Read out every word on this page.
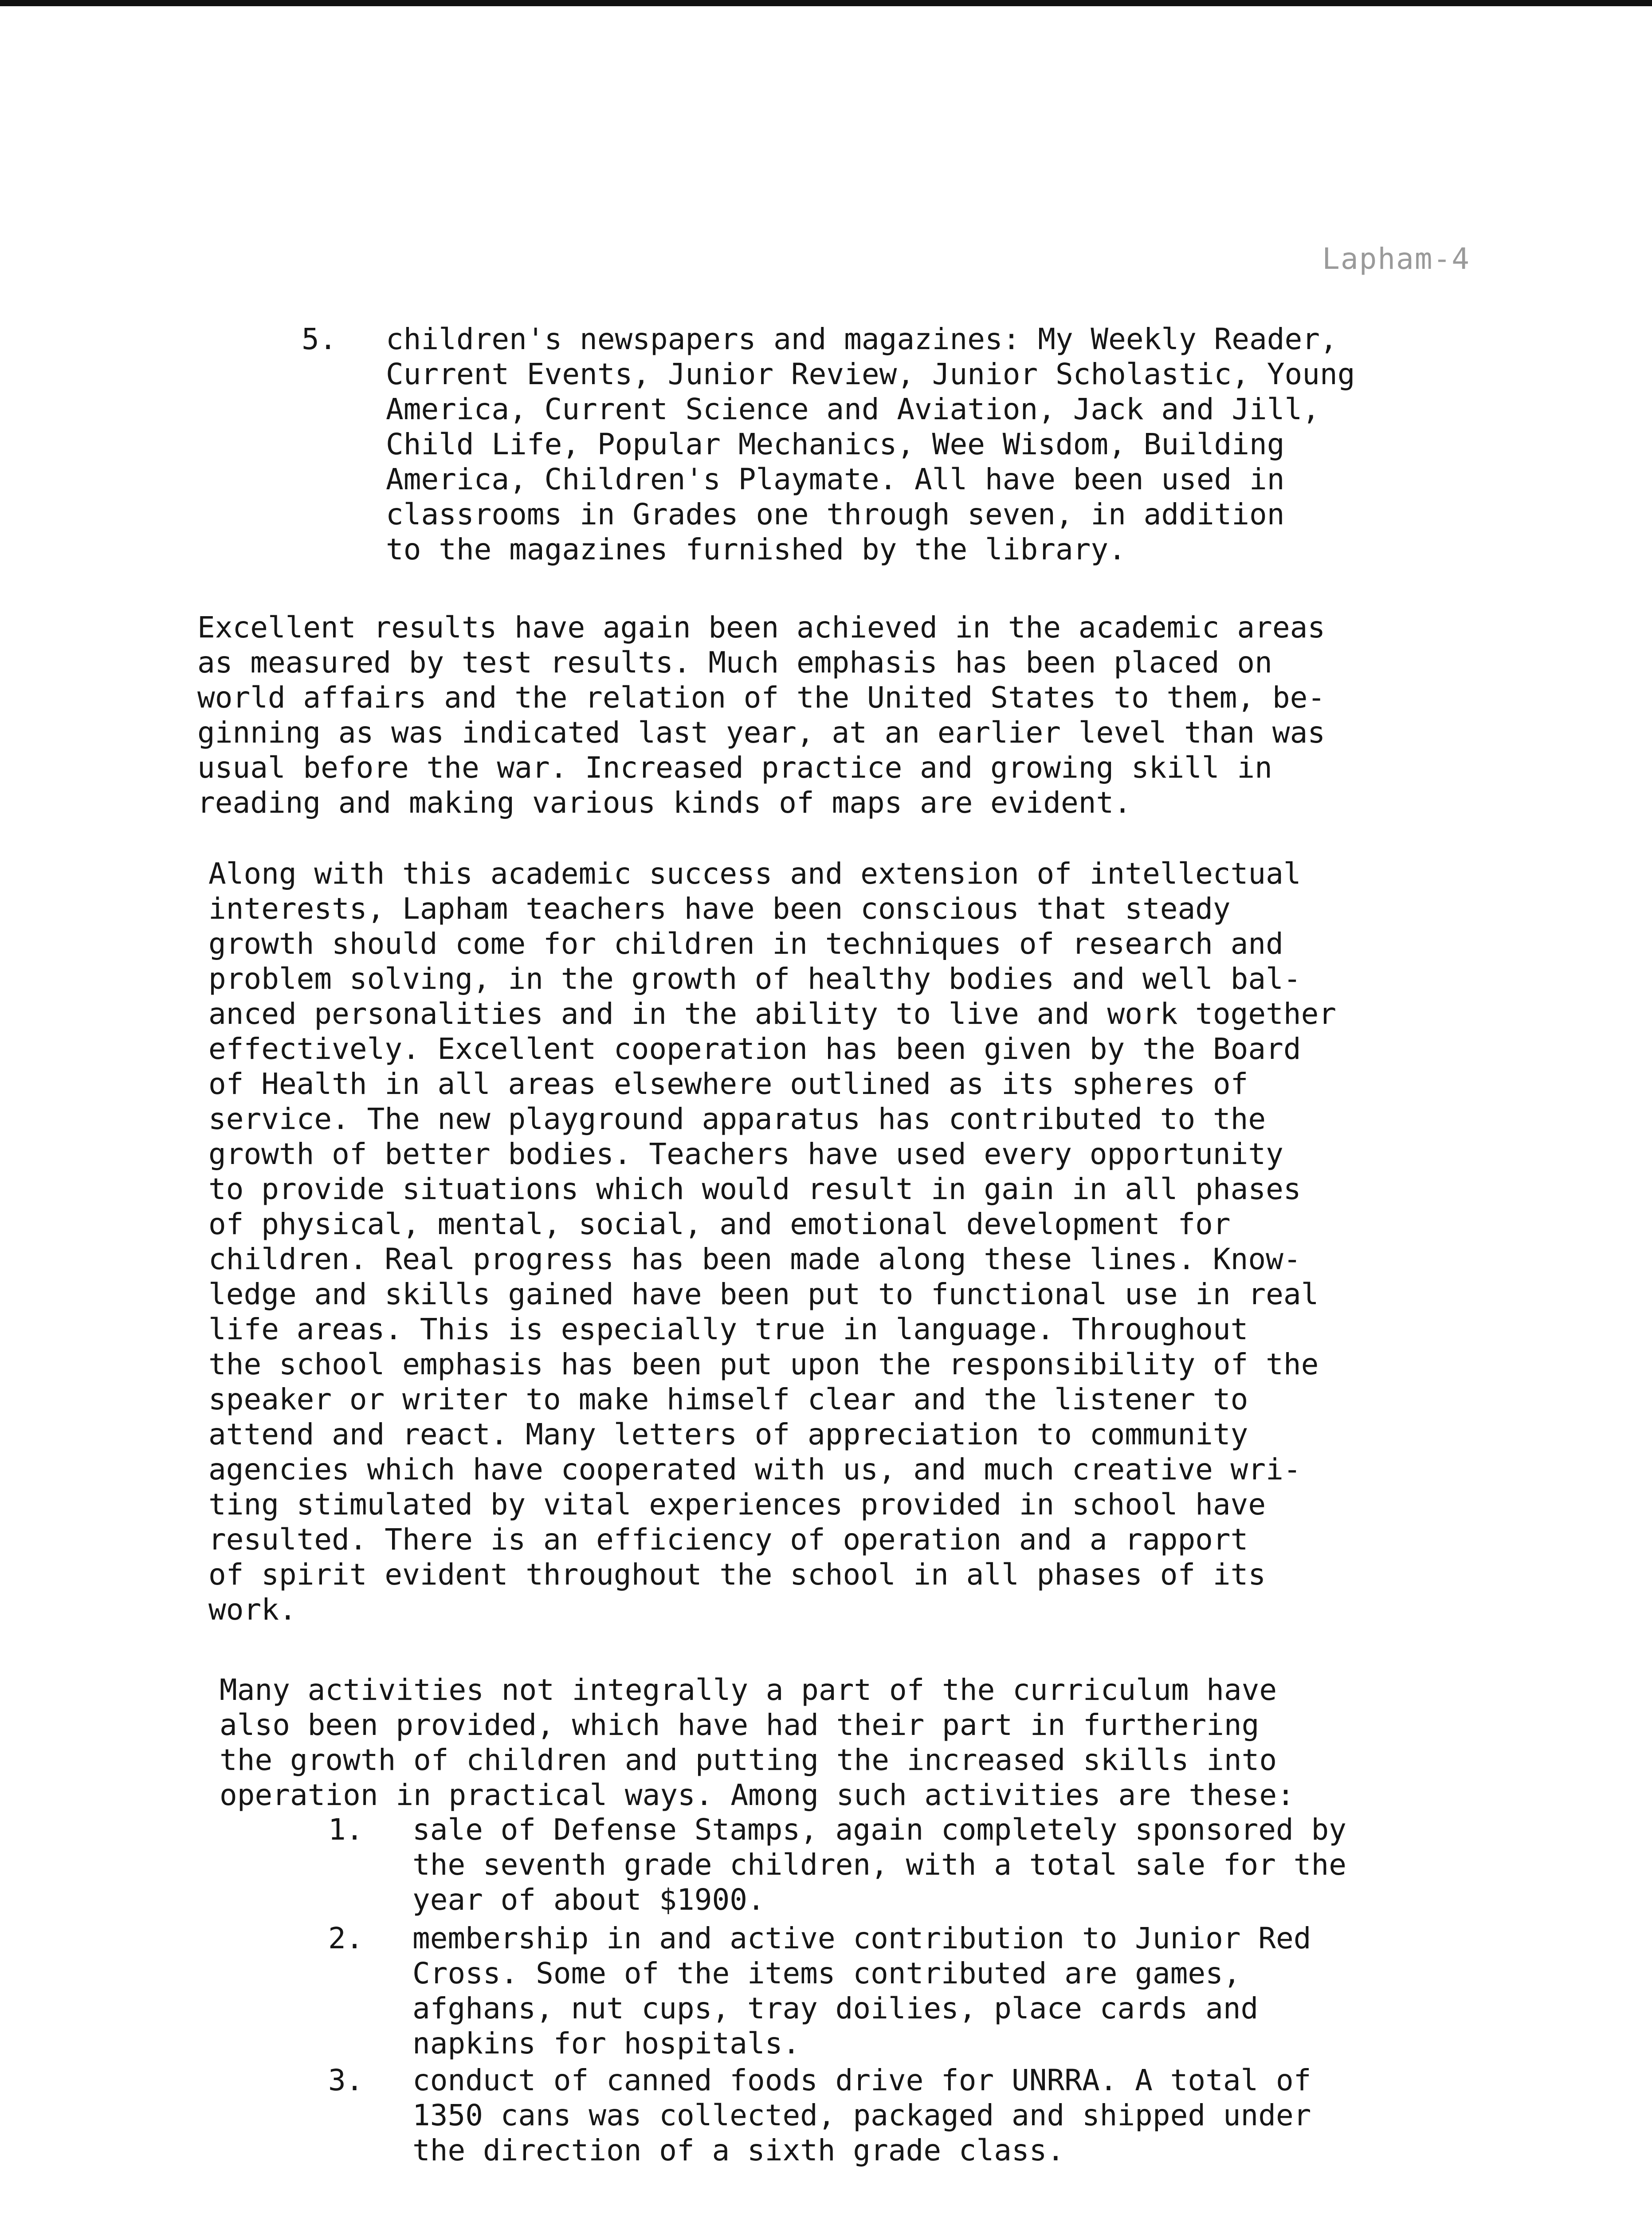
Lapham-4
5. children's newspapers and magazines: My Weekly Reader,
Current Events, Junior Review, Junior Scholastic, Young
America, Current Science and Aviation, Jack and Jill,
Child Life, Popular Mechanics, Wee Wisdom, Building
America, Children's Playmate. All have been used in
classrooms in Grades one through seven, in addition
to the magazines furnished by the library.
Excellent results have again been achieved in the academic areas
as measured by test results. Much emphasis has been placed on
world affairs and the relation of the United States to them, be-
ginning as was indicated last year, at an earlier level than was
usual before the war. Increased practice and growing skill in
reading and making various kinds of maps are evident.
Along with this academic success and extension of intellectual
interests, Lapham teachers have been conscious that steady
growth should come for children in techniques of research and
problem solving, in the growth of healthy bodies and well bal-
anced personalities and in the ability to live and work together
effectively. Excellent cooperation has been given by the Board
of Health in all areas elsewhere outlined as its spheres of
service. The new playground apparatus has contributed to the
growth of better bodies. Teachers have used every opportunity
to provide situations which would result in gain in all phases
of physical, mental, social, and emotional development for
children. Real progress has been made along these lines. Know-
ledge and skills gained have been put to functional use in real
life areas. This is especially true in language. Throughout
the school emphasis has been put upon the responsibility of the
speaker or writer to make himself clear and the listener to
attend and react. Many letters of appreciation to community
agencies which have cooperated with us, and much creative wri-
ting stimulated by vital experiences provided in school have
resulted. There is an efficiency of operation and a rapport
of spirit evident throughout the school in all phases of its
work.
Many activities not integrally a part of the curriculum have
also been provided, which have had their part in furthering
the growth of children and putting the increased skills into
operation in practical ways. Among such activities are these:
1. sale of Defense Stamps, again completely sponsored by
the seventh grade children, with a total sale for the
year of about $1900.
2. membership in and active contribution to Junior Red
Cross. Some of the items contributed are games,
afghans, nut cups, tray doilies, place cards and
napkins for hospitals.
3. conduct of canned foods drive for UNRRA. A total of
1350 cans was collected, packaged and shipped under
the direction of a sixth grade class.
